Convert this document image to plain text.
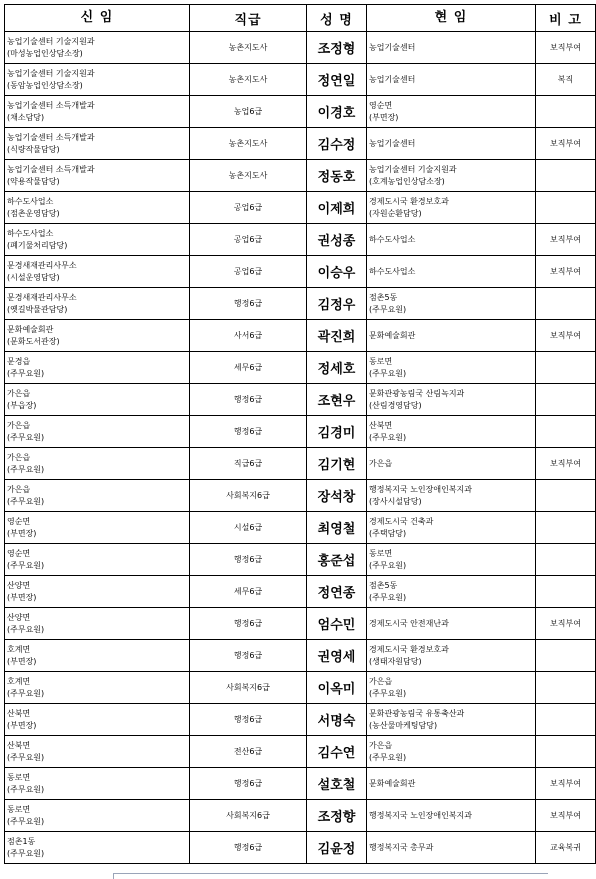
신 임	직급	성 명	현 임	비 고

농업기술센터 기술지원과
(마성농업인상담소장)	농촌지도사	조정형	농업기술센터	보직부여

농업기술센터 기술지원과
(동암농업인상담소장)	농촌지도사	정연일	농업기술센터	복직

농업기술센터 소득개발과
(채소담당)	농업6급	이경호	영순면
(부면장)	

농업기술센터 소득개발과
(식량작물담당)	농촌지도사	김수정	농업기술센터	보직부여

농업기술센터 소득개발과
(약용작물담당)	농촌지도사	정동호	농업기술센터 기술지원과
(호계농업인상담소장)	

하수도사업소
(점촌운영담당)	공업6급	이제희	경제도시국 환경보호과
(자원순환담당)	

하수도사업소
(폐기물처리담당)	공업6급	권성종	하수도사업소	보직부여

문경새재관리사무소
(시설운영담당)	공업6급	이승우	하수도사업소	보직부여

문경새재관리사무소
(옛길박물관담당)	행정6급	김정우	점촌5동
(주무요원)	

문화예술회관
(문화도서관장)	사서6급	곽진희	문화예술회관	보직부여

문경읍
(주무요원)	세무6급	정세호	동로면
(주무요원)	

가은읍
(부읍장)	행정6급	조현우	문화관광농림국 산림녹지과
(산림경영담당)	

가은읍
(주무요원)	행정6급	김경미	산북면
(주무요원)	

가은읍
(주무요원)	직급6급	김기현	가은읍	보직부여

가은읍
(주무요원)	사회복지6급	장석창	행정복지국 노인장애인복지과
(장사시설담당)	

영순면
(부면장)	시설6급	최영철	경제도시국 건축과
(주택담당)	

영순면
(주무요원)	행정6급	홍준섭	동로면
(주무요원)	

산양면
(부면장)	세무6급	정연종	점촌5동
(주무요원)	

산양면
(주무요원)	행정6급	엄수민	경제도시국 안전재난과	보직부여

호계면
(부면장)	행정6급	권영세	경제도시국 환경보호과
(생태자원담당)	

호계면
(주무요원)	사회복지6급	이옥미	가은읍
(주무요원)	

산북면
(부면장)	행정6급	서명숙	문화관광농림국 유통축산과
(농산물마케팅담당)	

산북면
(주무요원)	전산6급	김수연	가은읍
(주무요원)	

동로면
(주무요원)	행정6급	설호철	문화예술회관	보직부여

동로면
(주무요원)	사회복지6급	조정향	행정복지국 노인장애인복지과	보직부여

점촌1동
(주무요원)	행정6급	김윤정	행정복지국 총무과	교육복귀
